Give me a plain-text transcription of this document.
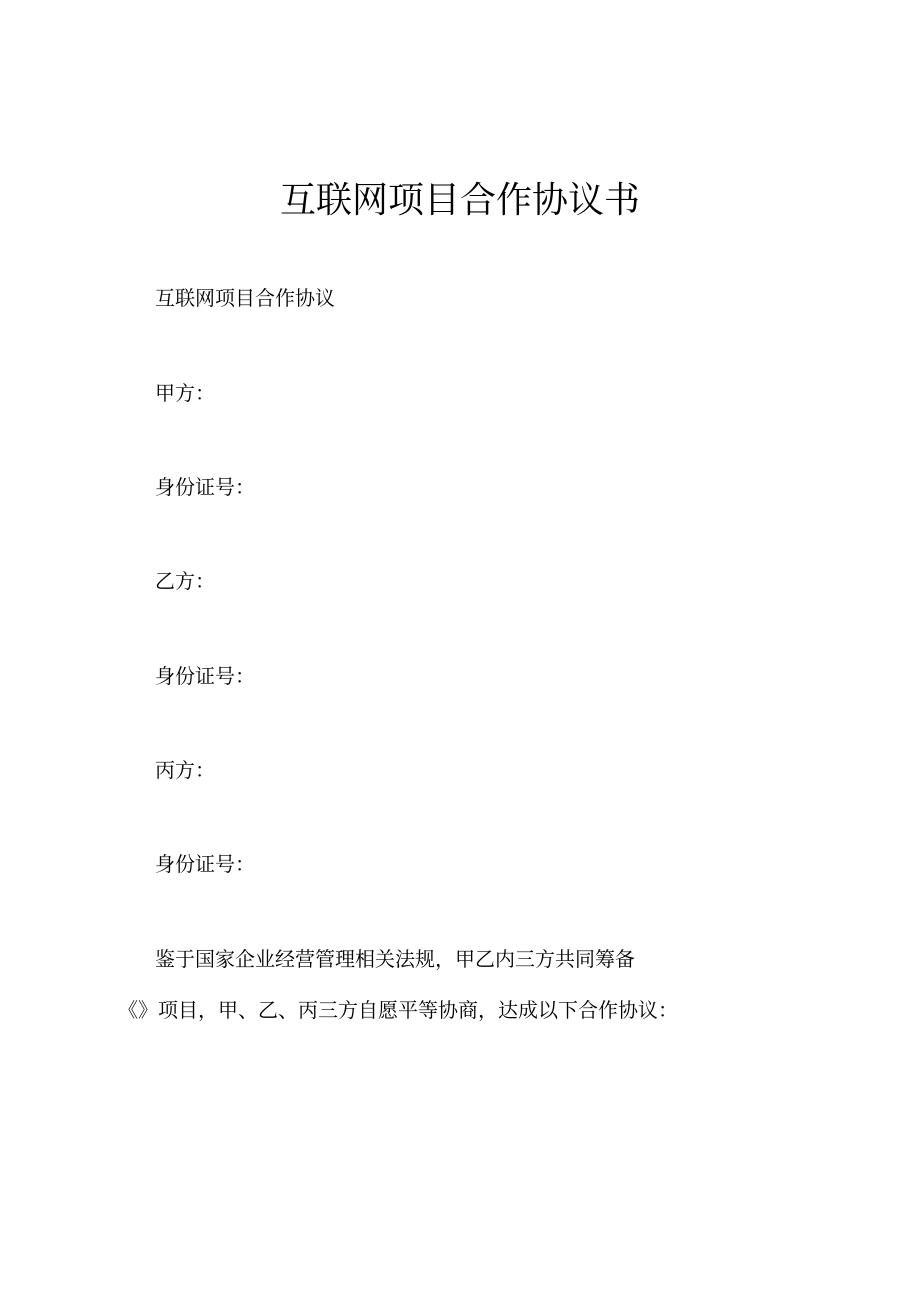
互联网项目合作协议书

互联网项目合作协议

甲方：

身份证号：

乙方：

身份证号：

丙方：

身份证号：

鉴于国家企业经营管理相关法规，甲乙内三方共同筹备

《》项目，甲、乙、丙三方自愿平等协商，达成以下合作协议：
